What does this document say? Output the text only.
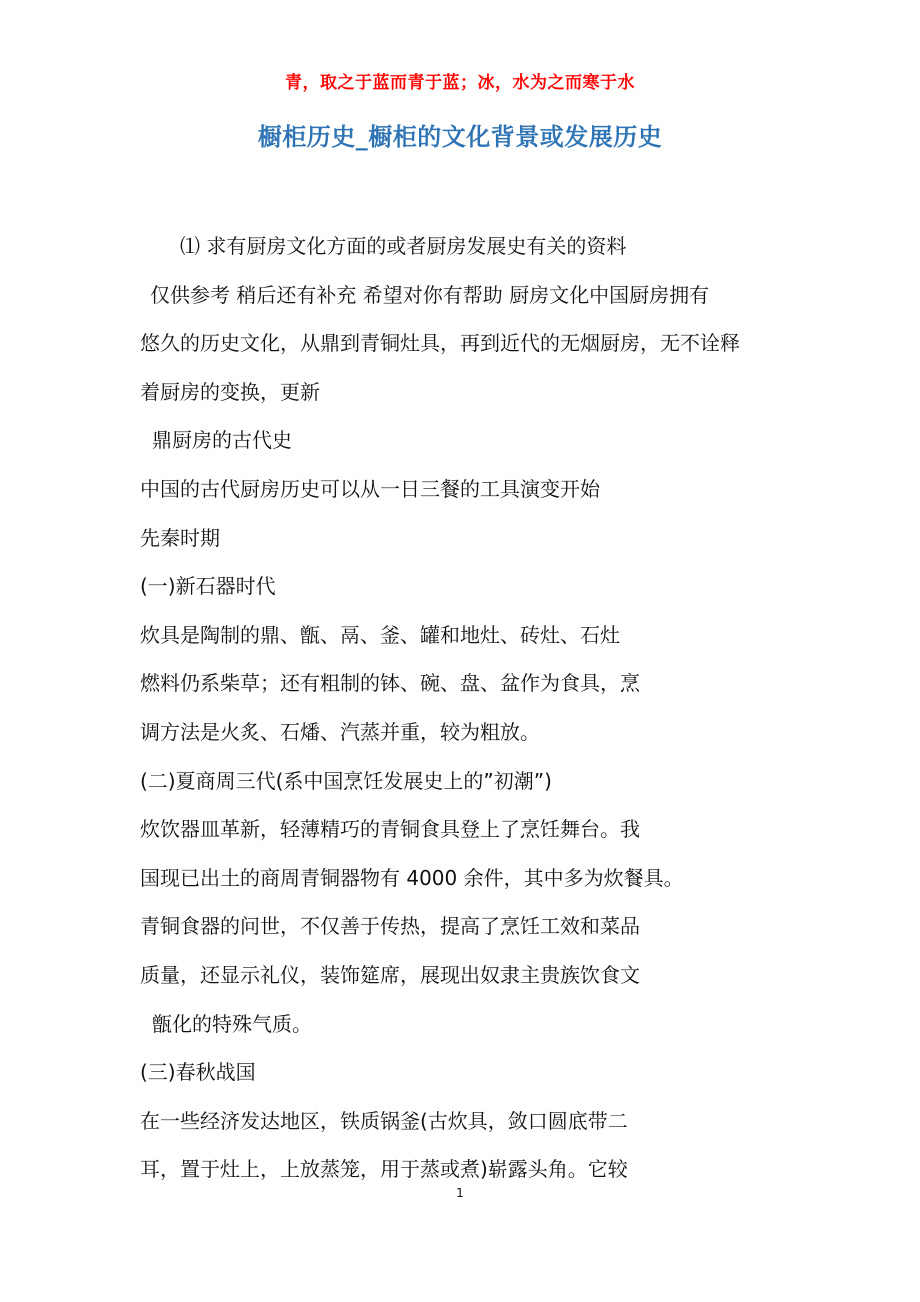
青，取之于蓝而青于蓝；冰，水为之而寒于水
橱柜历史_橱柜的文化背景或发展历史
⑴ 求有厨房文化方面的或者厨房发展史有关的资料
仅供参考 稍后还有补充 希望对你有帮助 厨房文化中国厨房拥有
悠久的历史文化，从鼎到青铜灶具，再到近代的无烟厨房，无不诠释
着厨房的变换，更新
鼎厨房的古代史
中国的古代厨房历史可以从一日三餐的工具演变开始
先秦时期
(一)新石器时代
炊具是陶制的鼎、甑、鬲、釜、罐和地灶、砖灶、石灶
燃料仍系柴草；还有粗制的钵、碗、盘、盆作为食具，烹
调方法是火炙、石燔、汽蒸并重，较为粗放。
(二)夏商周三代(系中国烹饪发展史上的”初潮”)
炊饮器皿革新，轻薄精巧的青铜食具登上了烹饪舞台。我
国现已出土的商周青铜器物有 4000 余件，其中多为炊餐具。
青铜食器的问世，不仅善于传热，提高了烹饪工效和菜品
质量，还显示礼仪，装饰筵席，展现出奴隶主贵族饮食文
甑化的特殊气质。
(三)春秋战国
在一些经济发达地区，铁质锅釜(古炊具，敛口圆底带二
耳，置于灶上，上放蒸笼，用于蒸或煮)崭露头角。它较
1
